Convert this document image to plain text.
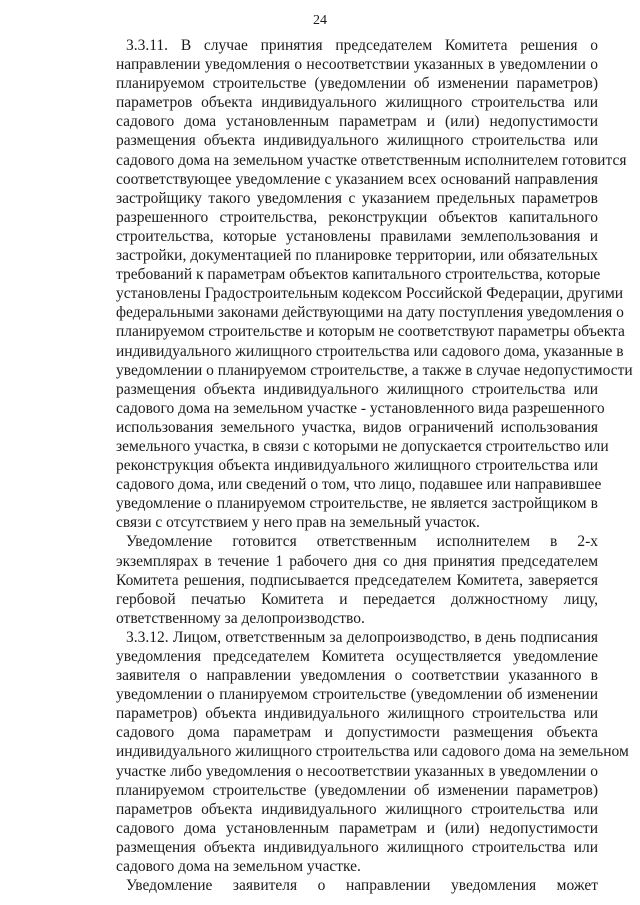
24
3.3.11. В случае принятия председателем Комитета решения о
направлении уведомления о несоответствии указанных в уведомлении о
планируемом строительстве (уведомлении об изменении параметров)
параметров объекта индивидуального жилищного строительства или
садового дома установленным параметрам и (или) недопустимости
размещения объекта индивидуального жилищного строительства или
садового дома на земельном участке ответственным исполнителем готовится
соответствующее уведомление с указанием всех оснований направления
застройщику такого уведомления с указанием предельных параметров
разрешенного строительства, реконструкции объектов капитального
строительства, которые установлены правилами землепользования и
застройки, документацией по планировке территории, или обязательных
требований к параметрам объектов капитального строительства, которые
установлены Градостроительным кодексом Российской Федерации, другими
федеральными законами действующими на дату поступления уведомления о
планируемом строительстве и которым не соответствуют параметры объекта
индивидуального жилищного строительства или садового дома, указанные в
уведомлении о планируемом строительстве, а также в случае недопустимости
размещения объекта индивидуального жилищного строительства или
садового дома на земельном участке - установленного вида разрешенного
использования земельного участка, видов ограничений использования
земельного участка, в связи с которыми не допускается строительство или
реконструкция объекта индивидуального жилищного строительства или
садового дома, или сведений о том, что лицо, подавшее или направившее
уведомление о планируемом строительстве, не является застройщиком в
связи с отсутствием у него прав на земельный участок.
Уведомление готовится ответственным исполнителем в 2-х
экземплярах в течение 1 рабочего дня со дня принятия председателем
Комитета решения, подписывается председателем Комитета, заверяется
гербовой печатью Комитета и передается должностному лицу,
ответственному за делопроизводство.
3.3.12. Лицом, ответственным за делопроизводство, в день подписания
уведомления председателем Комитета осуществляется уведомление
заявителя о направлении уведомления о соответствии указанного в
уведомлении о планируемом строительстве (уведомлении об изменении
параметров) объекта индивидуального жилищного строительства или
садового дома параметрам и допустимости размещения объекта
индивидуального жилищного строительства или садового дома на земельном
участке либо уведомления о несоответствии указанных в уведомлении о
планируемом строительстве (уведомлении об изменении параметров)
параметров объекта индивидуального жилищного строительства или
садового дома установленным параметрам и (или) недопустимости
размещения объекта индивидуального жилищного строительства или
садового дома на земельном участке.
Уведомление заявителя о направлении уведомления может
